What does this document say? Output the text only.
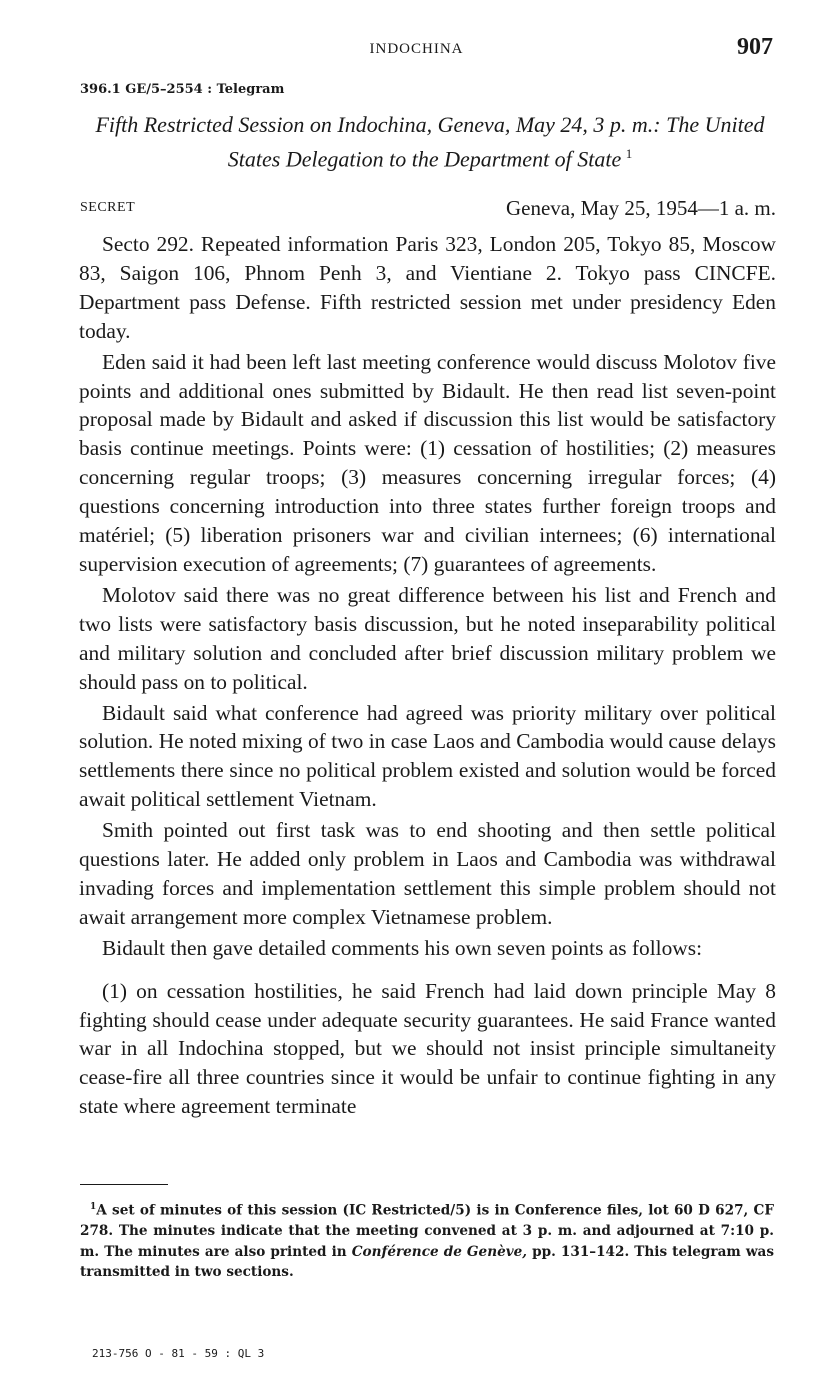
INDOCHINA	907
396.1 GE/5–2554 : Telegram
Fifth Restricted Session on Indochina, Geneva, May 24, 3 p. m.: The United States Delegation to the Department of State  $^1$
SECRET	Geneva, May 25, 1954—1 a. m.

Secto 292. Repeated information Paris 323, London 205, Tokyo 85, Moscow 83, Saigon 106, Phnom Penh 3, and Vientiane 2. Tokyo pass CINCFE. Department pass Defense. Fifth restricted session met under presidency Eden today.

Eden said it had been left last meeting conference would discuss Molotov five points and additional ones submitted by Bidault. He then read list seven-point proposal made by Bidault and asked if discussion this list would be satisfactory basis continue meetings. Points were: (1) cessation of hostilities; (2) measures concerning regular troops; (3) measures concerning irregular forces; (4) questions concerning introduction into three states further foreign troops and matériel; (5) liberation prisoners war and civilian internees; (6) international supervision execution of agreements; (7) guarantees of agreements.

Molotov said there was no great difference between his list and French and two lists were satisfactory basis discussion, but he noted inseparability political and military solution and concluded after brief discussion military problem we should pass on to political.

Bidault said what conference had agreed was priority military over political solution. He noted mixing of two in case Laos and Cambodia would cause delays settlements there since no political problem existed and solution would be forced await political settlement Vietnam.

Smith pointed out first task was to end shooting and then settle political questions later. He added only problem in Laos and Cambodia was withdrawal invading forces and implementation settlement this simple problem should not await arrangement more complex Vietnamese problem.

Bidault then gave detailed comments his own seven points as follows:

(1) on cessation hostilities, he said French had laid down principle May 8 fighting should cease under adequate security guarantees. He said France wanted war in all Indochina stopped, but we should not insist principle simultaneity cease-fire all three countries since it would be unfair to continue fighting in any state where agreement terminate

$^1$A set of minutes of this session (IC Restricted/5) is in Conference files, lot 60 D 627, CF 278. The minutes indicate that the meeting convened at 3 p. m. and adjourned at 7:10 p. m. The minutes are also printed in Conférence de Genève, pp. 131–142. This telegram was transmitted in two sections.
213-756 O - 81 - 59 : QL 3
